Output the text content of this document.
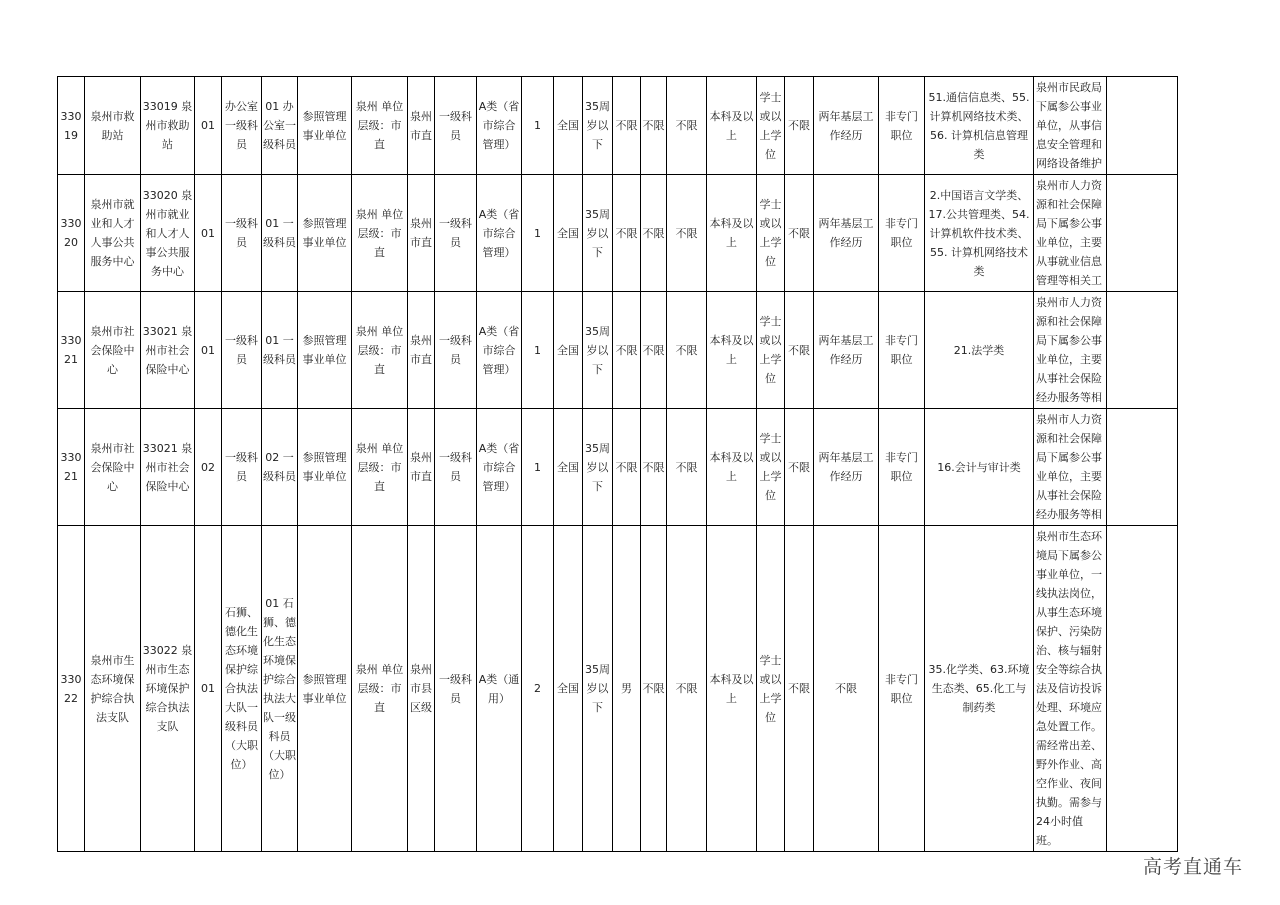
33019	泉州市救助站	33019 泉州市救助站	01	办公室一级科员	01 办公室一级科员	参照管理事业单位	泉州 单位层级：市直	泉州市直	一级科员	A类（省市综合管理）	1	全国	35周岁以下	不限	不限	不限	本科及以上	学士或以上学位	不限	两年基层工作经历	非专门职位	51.通信信息类、55.计算机网络技术类、56. 计算机信息管理类	泉州市民政局下属参公事业单位，从事信息安全管理和网络设备维护	
33020	泉州市就业和人才人事公共服务中心	33020 泉州市就业和人才人事公共服务中心	01	一级科员	01 一级科员	参照管理事业单位	泉州 单位层级：市直	泉州市直	一级科员	A类（省市综合管理）	1	全国	35周岁以下	不限	不限	不限	本科及以上	学士或以上学位	不限	两年基层工作经历	非专门职位	2.中国语言文学类、17.公共管理类、54.计算机软件技术类、55. 计算机网络技术类	泉州市人力资源和社会保障局下属参公事业单位，主要从事就业信息管理等相关工	
33021	泉州市社会保险中心	33021 泉州市社会保险中心	01	一级科员	01 一级科员	参照管理事业单位	泉州 单位层级：市直	泉州市直	一级科员	A类（省市综合管理）	1	全国	35周岁以下	不限	不限	不限	本科及以上	学士或以上学位	不限	两年基层工作经历	非专门职位	21.法学类	泉州市人力资源和社会保障局下属参公事业单位，主要从事社会保险经办服务等相	
33021	泉州市社会保险中心	33021 泉州市社会保险中心	02	一级科员	02 一级科员	参照管理事业单位	泉州 单位层级：市直	泉州市直	一级科员	A类（省市综合管理）	1	全国	35周岁以下	不限	不限	不限	本科及以上	学士或以上学位	不限	两年基层工作经历	非专门职位	16.会计与审计类	泉州市人力资源和社会保障局下属参公事业单位，主要从事社会保险经办服务等相	
33022	泉州市生态环境保护综合执法支队	33022 泉州市生态环境保护综合执法支队	01	石狮、德化生态环境保护综合执法大队一级科员（大职位）	01 石狮、德化生态环境保护综合执法大队一级科员（大职位）	参照管理事业单位	泉州 单位层级：市直	泉州市县区级	一级科员	A类（通用）	2	全国	35周岁以下	男	不限	不限	本科及以上	学士或以上学位	不限	不限	非专门职位	35.化学类、63.环境生态类、65.化工与制药类	泉州市生态环境局下属参公事业单位，一线执法岗位，从事生态环境保护、污染防治、核与辐射安全等综合执法及信访投诉处理、环境应急处置工作。需经常出差、野外作业、高空作业、夜间执勤。需参与24小时值班。	
高考直通车
